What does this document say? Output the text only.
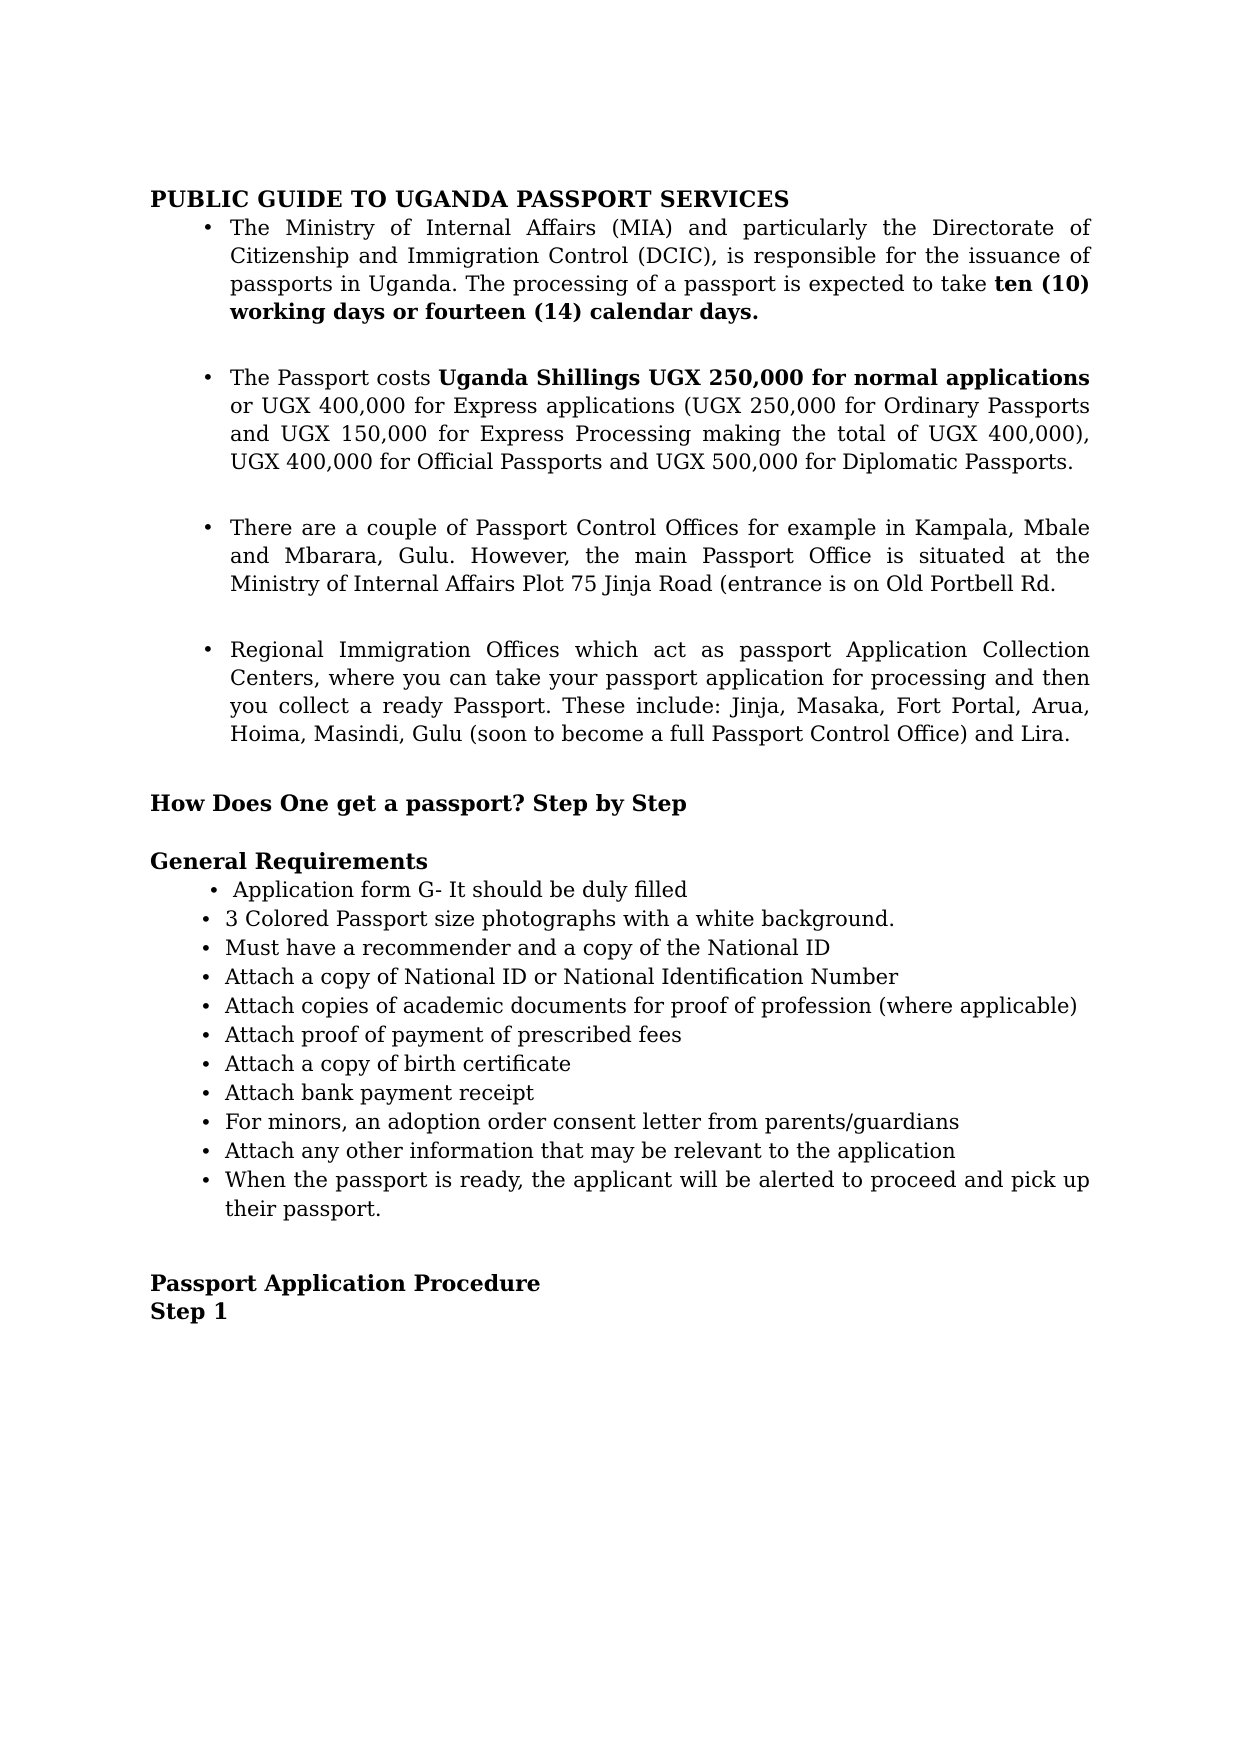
PUBLIC GUIDE TO UGANDA PASSPORT SERVICES
• The Ministry of Internal Affairs (MIA) and particularly the Directorate of Citizenship and Immigration Control (DCIC), is responsible for the issuance of passports in Uganda. The processing of a passport is expected to take ten (10) working days or fourteen (14) calendar days.
• The Passport costs Uganda Shillings UGX 250,000 for normal applications or UGX 400,000 for Express applications (UGX 250,000 for Ordinary Passports and UGX 150,000 for Express Processing making the total of UGX 400,000), UGX 400,000 for Official Passports and UGX 500,000 for Diplomatic Passports.
• There are a couple of Passport Control Offices for example in Kampala, Mbale and Mbarara, Gulu. However, the main Passport Office is situated at the Ministry of Internal Affairs Plot 75 Jinja Road (entrance is on Old Portbell Rd.
• Regional Immigration Offices which act as passport Application Collection Centers, where you can take your passport application for processing and then you collect a ready Passport. These include: Jinja, Masaka, Fort Portal, Arua, Hoima, Masindi, Gulu (soon to become a full Passport Control Office) and Lira.
How Does One get a passport? Step by Step
General Requirements
• Application form G- It should be duly filled
• 3 Colored Passport size photographs with a white background.
• Must have a recommender and a copy of the National ID
• Attach a copy of National ID or National Identification Number
• Attach copies of academic documents for proof of profession (where applicable)
• Attach proof of payment of prescribed fees
• Attach a copy of birth certificate
• Attach bank payment receipt
• For minors, an adoption order consent letter from parents/guardians
• Attach any other information that may be relevant to the application
• When the passport is ready, the applicant will be alerted to proceed and pick up their passport.
Passport Application Procedure
Step 1
